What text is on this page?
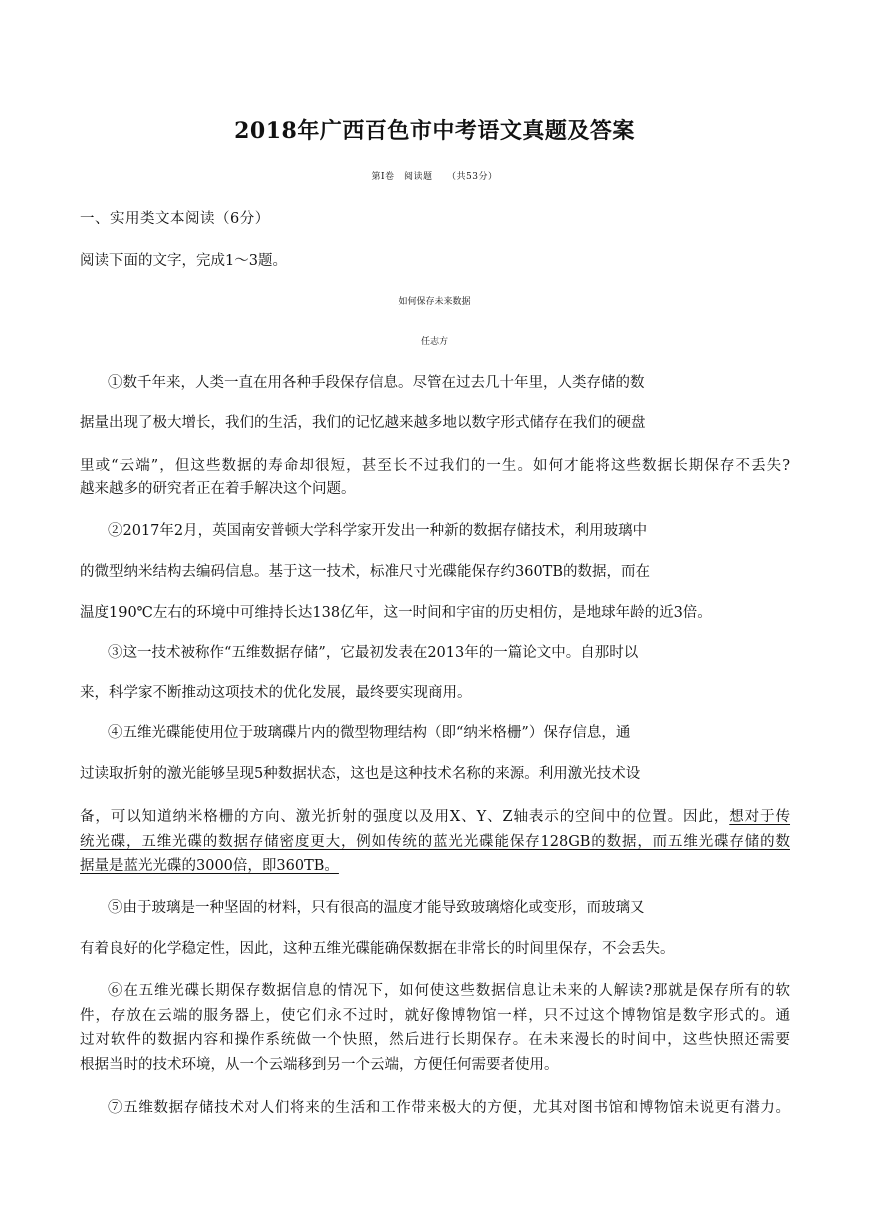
2018年广西百色市中考语文真题及答案
第Ⅰ卷　阅读题　　（共53分）
一、实用类文本阅读（6分）
阅读下面的文字，完成1～3题。
如何保存未来数据
任志方
①数千年来，人类一直在用各种手段保存信息。尽管在过去几十年里，人类存储的数
据量出现了极大增长，我们的生活，我们的记忆越来越多地以数字形式储存在我们的硬盘
里或“云端”，但这些数据的寿命却很短，甚至长不过我们的一生。如何才能将这些数据长期保存不丢失?
越来越多的研究者正在着手解决这个问题。
②2017年2月，英国南安普顿大学科学家开发出一种新的数据存储技术，利用玻璃中
的微型纳米结构去编码信息。基于这一技术，标准尺寸光碟能保存约360TB的数据，而在
温度190℃左右的环境中可维持长达138亿年，这一时间和宇宙的历史相仿，是地球年龄的近3倍。
③这一技术被称作“五维数据存储”，它最初发表在2013年的一篇论文中。自那时以
来，科学家不断推动这项技术的优化发展，最终要实现商用。
④五维光碟能使用位于玻璃碟片内的微型物理结构（即“纳米格栅”）保存信息，通
过读取折射的激光能够呈现5种数据状态，这也是这种技术名称的来源。利用激光技术设
备，可以知道纳米格栅的方向、激光折射的强度以及用X、Y、Z轴表示的空间中的位置。因此，想对于传
统光碟，五维光碟的数据存储密度更大，例如传统的蓝光光碟能保存128GB的数据，而五维光碟存储的数
据量是蓝光光碟的3000倍，即360TB。
⑤由于玻璃是一种坚固的材料，只有很高的温度才能导致玻璃熔化或变形，而玻璃又
有着良好的化学稳定性，因此，这种五维光碟能确保数据在非常长的时间里保存，不会丢失。
⑥在五维光碟长期保存数据信息的情况下，如何使这些数据信息让未来的人解读?那就是保存所有的软
件，存放在云端的服务器上，使它们永不过时，就好像博物馆一样，只不过这个博物馆是数字形式的。通
过对软件的数据内容和操作系统做一个快照，然后进行长期保存。在未来漫长的时间中，这些快照还需要
根据当时的技术环境，从一个云端移到另一个云端，方便任何需要者使用。
⑦五维数据存储技术对人们将来的生活和工作带来极大的方便，尤其对图书馆和博物馆未说更有潜力。
